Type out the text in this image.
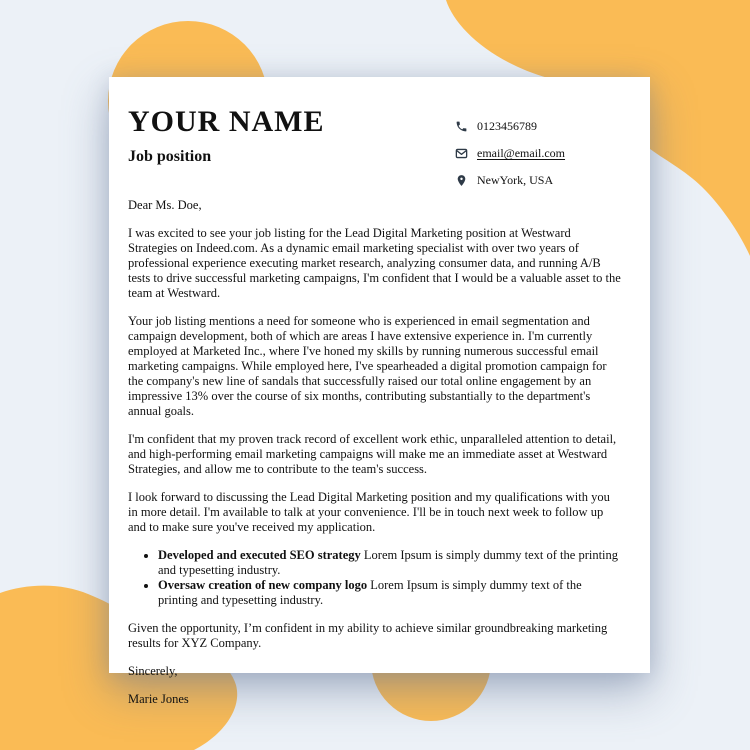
YOUR NAME
Job position
0123456789
email@email.com
NewYork, USA

Dear Ms. Doe,

I was excited to see your job listing for the Lead Digital Marketing position at Westward Strategies on Indeed.com. As a dynamic email marketing specialist with over two years of professional experience executing market research, analyzing consumer data, and running A/B tests to drive successful marketing campaigns, I'm confident that I would be a valuable asset to the team at Westward.

Your job listing mentions a need for someone who is experienced in email segmentation and campaign development, both of which are areas I have extensive experience in. I'm currently employed at Marketed Inc., where I've honed my skills by running numerous successful email marketing campaigns. While employed here, I've spearheaded a digital promotion campaign for the company's new line of sandals that successfully raised our total online engagement by an impressive 13% over the course of six months, contributing substantially to the department's annual goals.

I'm confident that my proven track record of excellent work ethic, unparalleled attention to detail, and high-performing email marketing campaigns will make me an immediate asset at Westward Strategies, and allow me to contribute to the team's success.

I look forward to discussing the Lead Digital Marketing position and my qualifications with you in more detail. I'm available to talk at your convenience. I'll be in touch next week to follow up and to make sure you've received my application.

• Developed and executed SEO strategy Lorem Ipsum is simply dummy text of the printing and typesetting industry.
• Oversaw creation of new company logo Lorem Ipsum is simply dummy text of the printing and typesetting industry.

Given the opportunity, I’m confident in my ability to achieve similar groundbreaking marketing results for XYZ Company.

Sincerely,

Marie Jones
